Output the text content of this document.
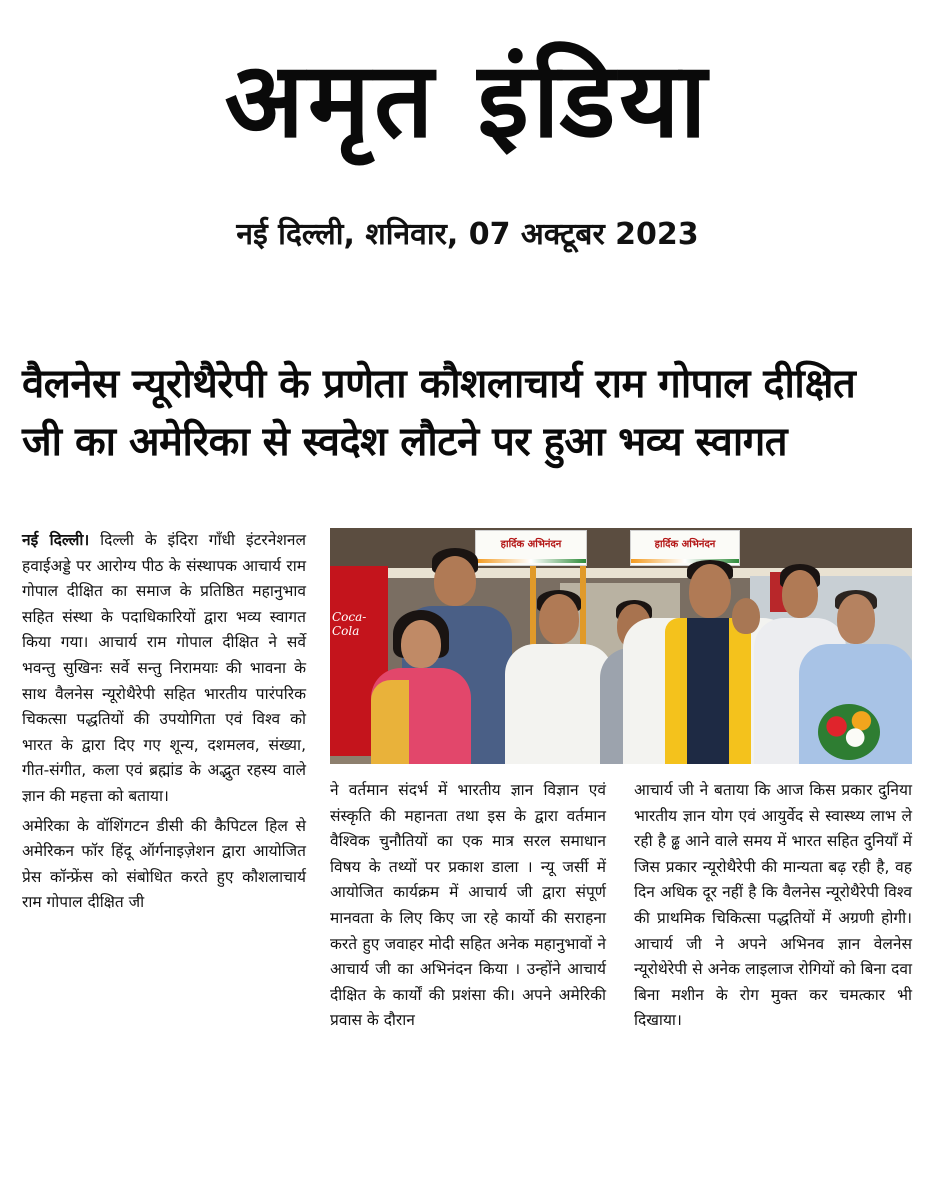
अमृत इंडिया
नई दिल्ली, शनिवार, 07 अक्टूबर 2023
वैलनेस न्यूरोथैरेपी के प्रणेता कौशलाचार्य राम गोपाल दीक्षित
जी का अमेरिका से स्वदेश लौटने पर हुआ भव्य स्वागत

नई दिल्ली। दिल्ली के इंदिरा गाँधी इंटरनेशनल हवाईअड्डे पर आरोग्य पीठ के संस्थापक आचार्य राम गोपाल दीक्षित का समाज के प्रतिष्ठित महानुभाव सहित संस्था के पदाधिकारियों द्वारा भव्य स्वागत किया गया। आचार्य राम गोपाल दीक्षित ने सर्वे भवन्तु सुखिनः सर्वे सन्तु निरामयाः की भावना के साथ वैलनेस न्यूरोथैरेपी सहित भारतीय पारंपरिक चिकत्सा पद्धतियों की उपयोगिता एवं विश्व को भारत के द्वारा दिए गए शून्य, दशमलव, संख्या, गीत-संगीत, कला एवं ब्रह्मांड के अद्भुत रहस्य वाले ज्ञान की महत्ता को बताया।

अमेरिका के वॉशिंगटन डीसी की कैपिटल हिल से अमेरिकन फॉर हिंदू ऑर्गनाइज़ेशन द्वारा आयोजित प्रेस कॉन्फ्रेंस को संबोधित करते हुए कौशलाचार्य राम गोपाल दीक्षित जी

हार्दिक अभिनंदन	हार्दिक अभिनंदन
Coca-Cola

ने वर्तमान संदर्भ में भारतीय ज्ञान विज्ञान एवं संस्कृति की महानता तथा इस के द्वारा वर्तमान वैश्विक चुनौतियों का एक मात्र सरल समाधान विषय के तथ्यों पर प्रकाश डाला । न्यू जर्सी में आयोजित कार्यक्रम में आचार्य जी द्वारा संपूर्ण मानवता के लिए किए जा रहे कार्यो की सराहना करते हुए जवाहर मोदी सहित अनेक महानुभावों ने आचार्य जी का अभिनंदन किया । उन्होंने आचार्य दीक्षित के कार्यों की प्रशंसा की। अपने अमेरिकी प्रवास के दौरान

आचार्य जी ने बताया कि आज किस प्रकार दुनिया भारतीय ज्ञान योग एवं आयुर्वेद से स्वास्थ्य लाभ ले रही है ढ्ढ आने वाले समय में भारत सहित दुनियाँ में जिस प्रकार न्यूरोथैरेपी की मान्यता बढ़ रही है, वह दिन अधिक दूर नहीं है कि वैलनेस न्यूरोथैरेपी विश्व की प्राथमिक चिकित्सा पद्धतियों में अग्रणी होगी। आचार्य जी ने अपने अभिनव ज्ञान वेलनेस न्यूरोथेरेपी से अनेक लाइलाज रोगियों को बिना दवा बिना मशीन के रोग मुक्त कर चमत्कार भी दिखाया।
